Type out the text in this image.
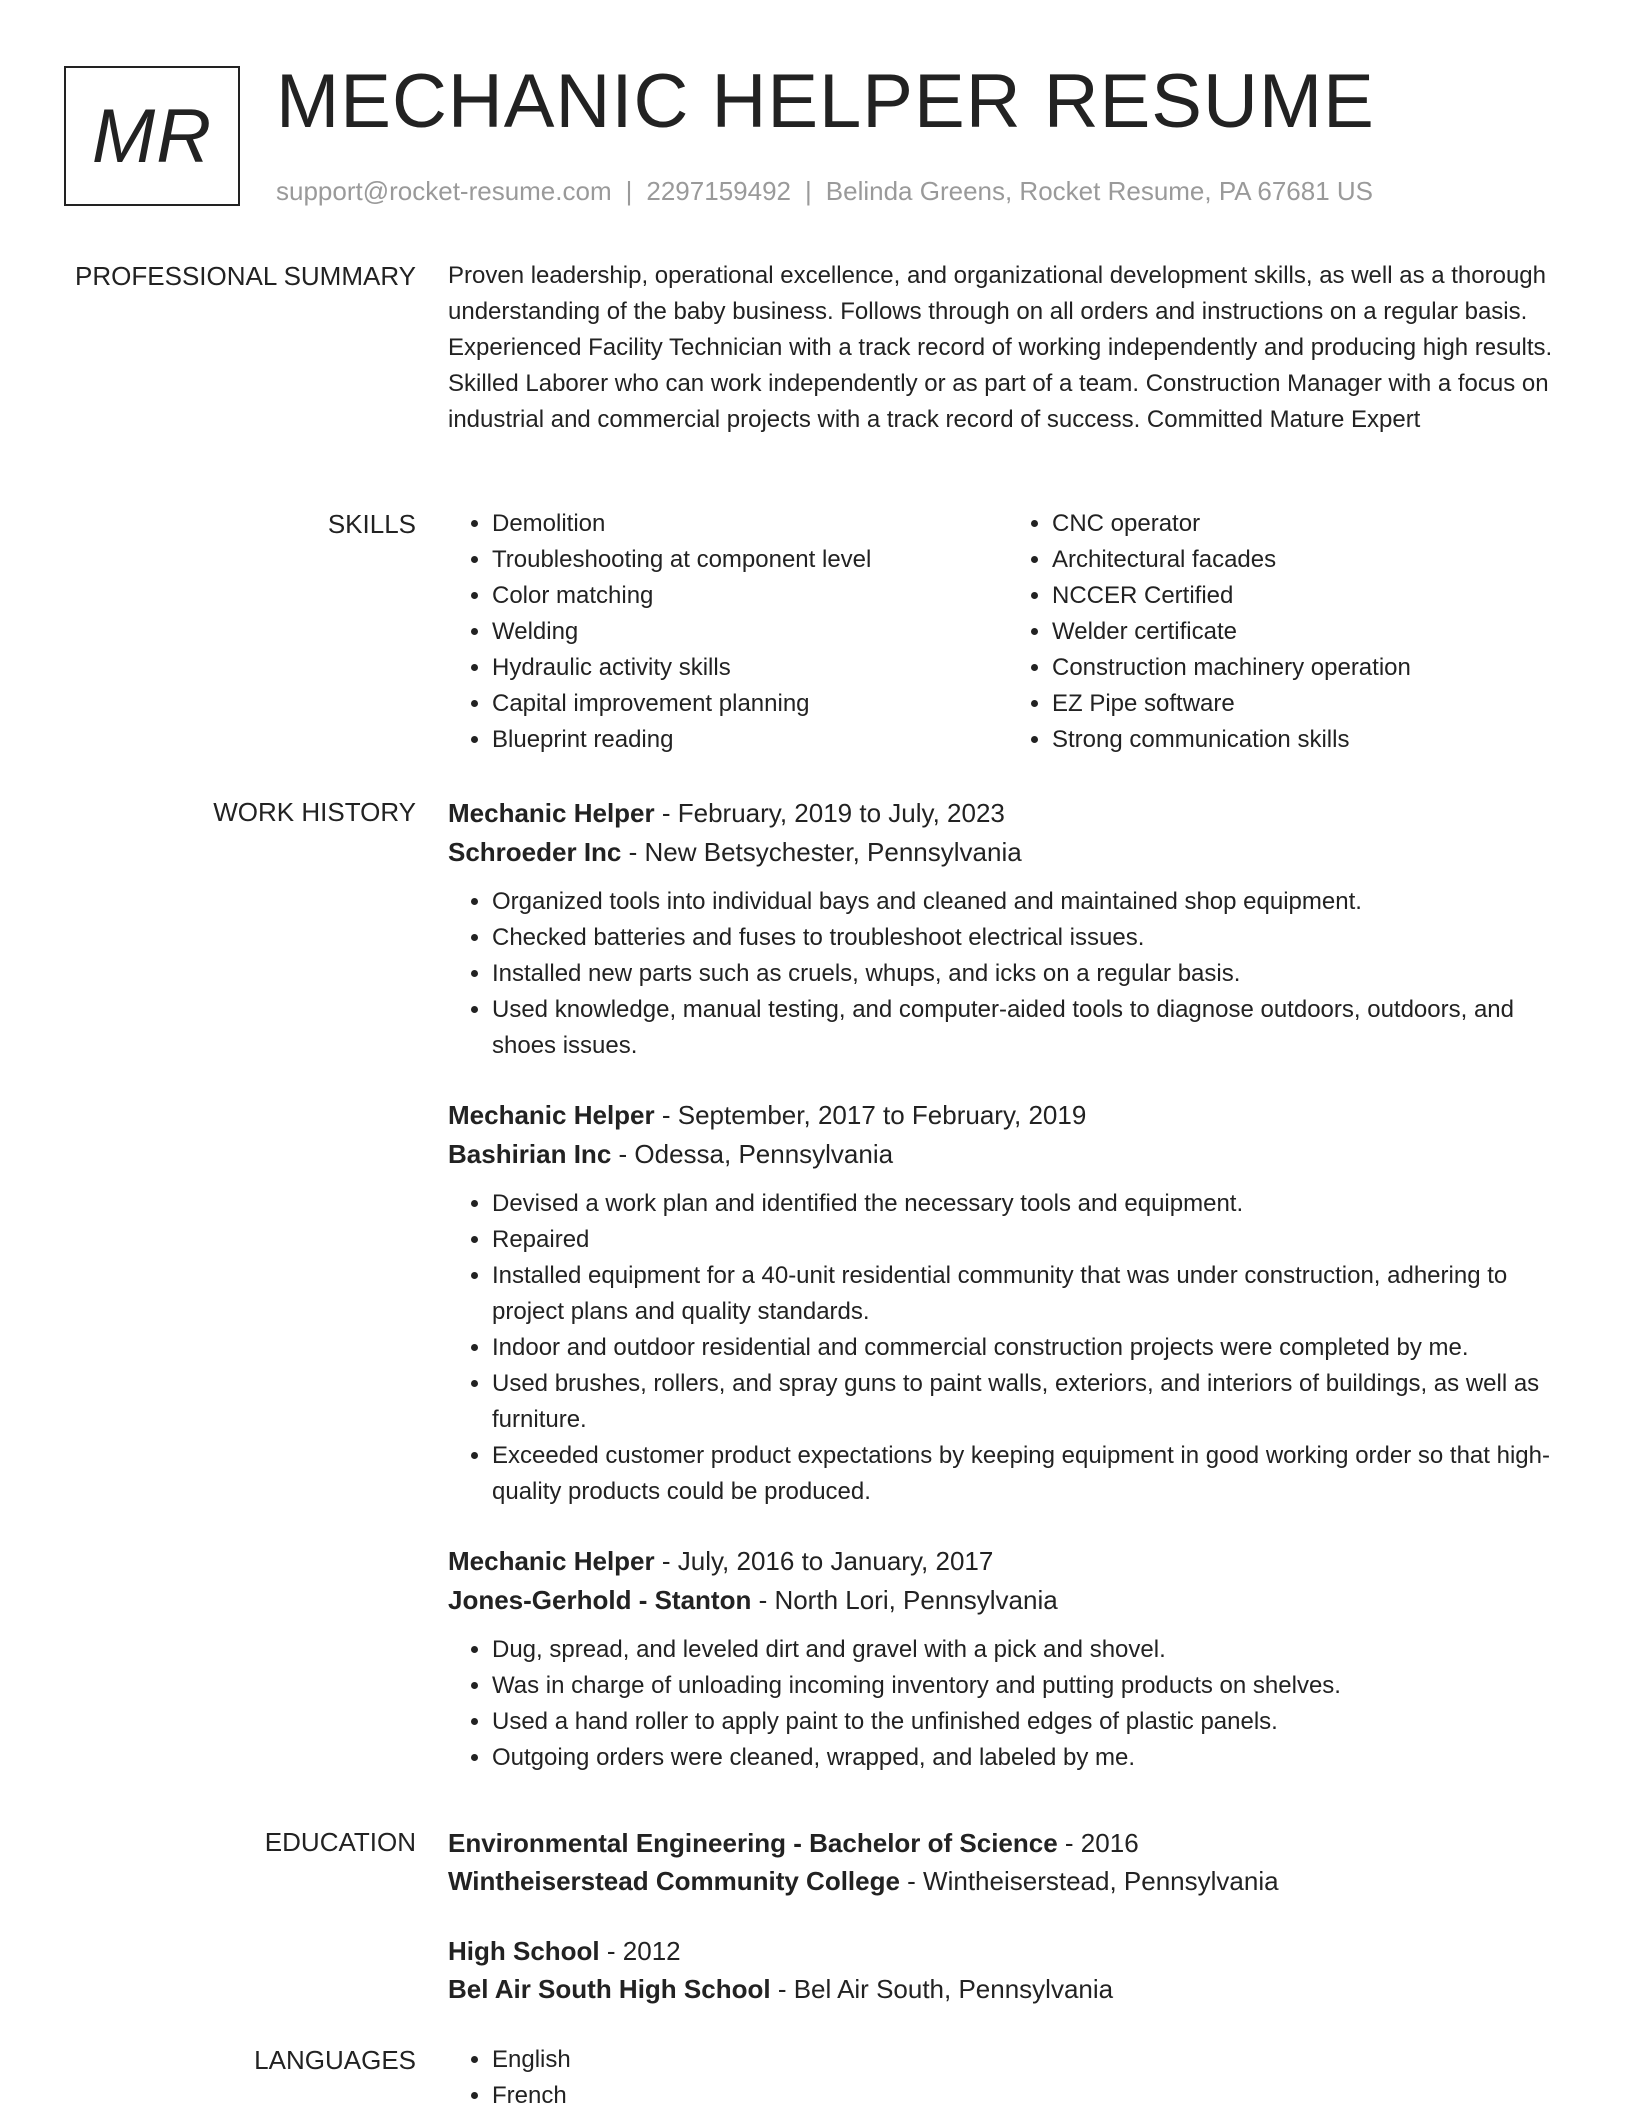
MR MECHANIC HELPER RESUME
support@rocket-resume.com | 2297159492 | Belinda Greens, Rocket Resume, PA 67681 US
PROFESSIONAL SUMMARY Proven leadership, operational excellence, and organizational development skills, as well as a thorough understanding of the baby business. Follows through on all orders and instructions on a regular basis. Experienced Facility Technician with a track record of working independently and producing high results. Skilled Laborer who can work independently or as part of a team. Construction Manager with a focus on industrial and commercial projects with a track record of success. Committed Mature Expert

SKILLS	• Demolition
• Troubleshooting at component level
• Color matching
• Welding
• Hydraulic activity skills
• Capital improvement planning
• Blueprint reading
• CNC operator
• Architectural facades
• NCCER Certified
• Welder certificate
• Construction machinery operation
• EZ Pipe software
• Strong communication skills
WORK HISTORY Mechanic Helper - February, 2019 to July, 2023
Schroeder Inc - New Betsychester, Pennsylvania
• Organized tools into individual bays and cleaned and maintained shop equipment.
• Checked batteries and fuses to troubleshoot electrical issues.
• Installed new parts such as cruels, whups, and icks on a regular basis.
• Used knowledge, manual testing, and computer-aided tools to diagnose outdoors, outdoors, and shoes issues.
Mechanic Helper - September, 2017 to February, 2019
Bashirian Inc - Odessa, Pennsylvania
• Devised a work plan and identified the necessary tools and equipment.
• Repaired
• Installed equipment for a 40-unit residential community that was under construction, adhering to project plans and quality standards.
• Indoor and outdoor residential and commercial construction projects were completed by me.
• Used brushes, rollers, and spray guns to paint walls, exteriors, and interiors of buildings, as well as furniture.
• Exceeded customer product expectations by keeping equipment in good working order so that high-quality products could be produced.
Mechanic Helper - July, 2016 to January, 2017
Jones-Gerhold - Stanton - North Lori, Pennsylvania
• Dug, spread, and leveled dirt and gravel with a pick and shovel.
• Was in charge of unloading incoming inventory and putting products on shelves.
• Used a hand roller to apply paint to the unfinished edges of plastic panels.
• Outgoing orders were cleaned, wrapped, and labeled by me.
EDUCATION Environmental Engineering - Bachelor of Science - 2016
Wintheiserstead Community College - Wintheiserstead, Pennsylvania
High School - 2012
Bel Air South High School - Bel Air South, Pennsylvania
LANGUAGES	• English
• French
